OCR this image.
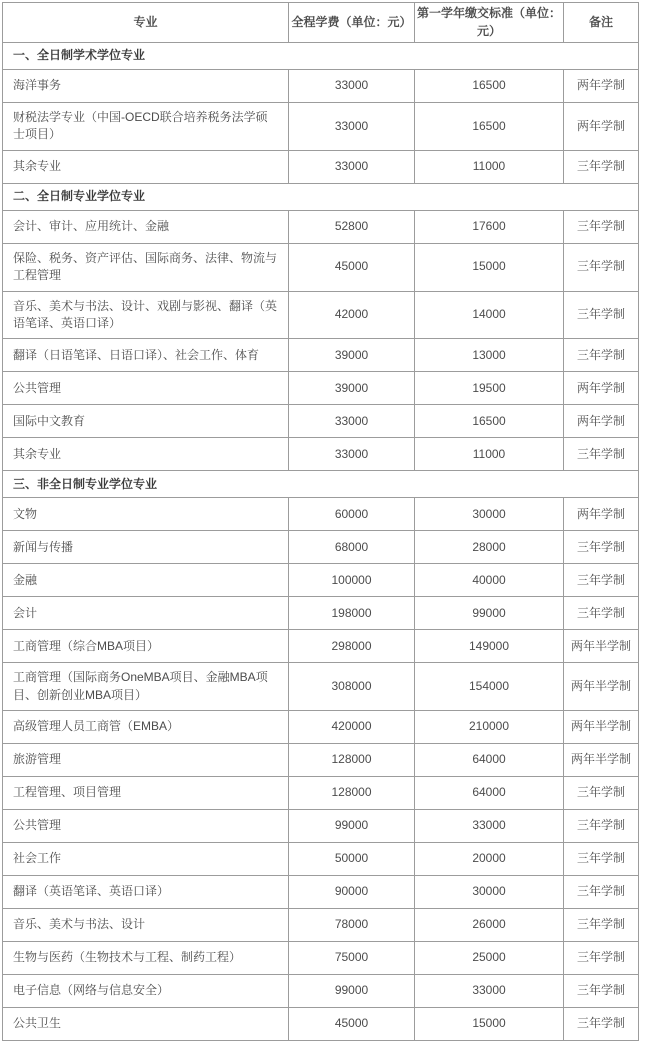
专业	全程学费（单位：元）	第一学年缴交标准（单位：元）	备注
一、全日制学术学位专业			
海洋事务	33000	16500	两年学制
财税法学专业（中国-OECD联合培养税务法学硕士项目）	33000	16500	两年学制
其余专业	33000	11000	三年学制
二、全日制专业学位专业			
会计、审计、应用统计、金融	52800	17600	三年学制
保险、税务、资产评估、国际商务、法律、物流与工程管理	45000	15000	三年学制
音乐、美术与书法、设计、戏剧与影视、翻译（英语笔译、英语口译）	42000	14000	三年学制
翻译（日语笔译、日语口译）、社会工作、体育	39000	13000	三年学制
公共管理	39000	19500	两年学制
国际中文教育	33000	16500	两年学制
其余专业	33000	11000	三年学制
三、非全日制专业学位专业			
文物	60000	30000	两年学制
新闻与传播	68000	28000	三年学制
金融	100000	40000	三年学制
会计	198000	99000	三年学制
工商管理（综合MBA项目）	298000	149000	两年半学制
工商管理（国际商务OneMBA项目、金融MBA项目、创新创业MBA项目）	308000	154000	两年半学制
高级管理人员工商管（EMBA）	420000	210000	两年半学制
旅游管理	128000	64000	两年半学制
工程管理、项目管理	128000	64000	三年学制
公共管理	99000	33000	三年学制
社会工作	50000	20000	三年学制
翻译（英语笔译、英语口译）	90000	30000	三年学制
音乐、美术与书法、设计	78000	26000	三年学制
生物与医药（生物技术与工程、制药工程）	75000	25000	三年学制
电子信息（网络与信息安全）	99000	33000	三年学制
公共卫生	45000	15000	三年学制
